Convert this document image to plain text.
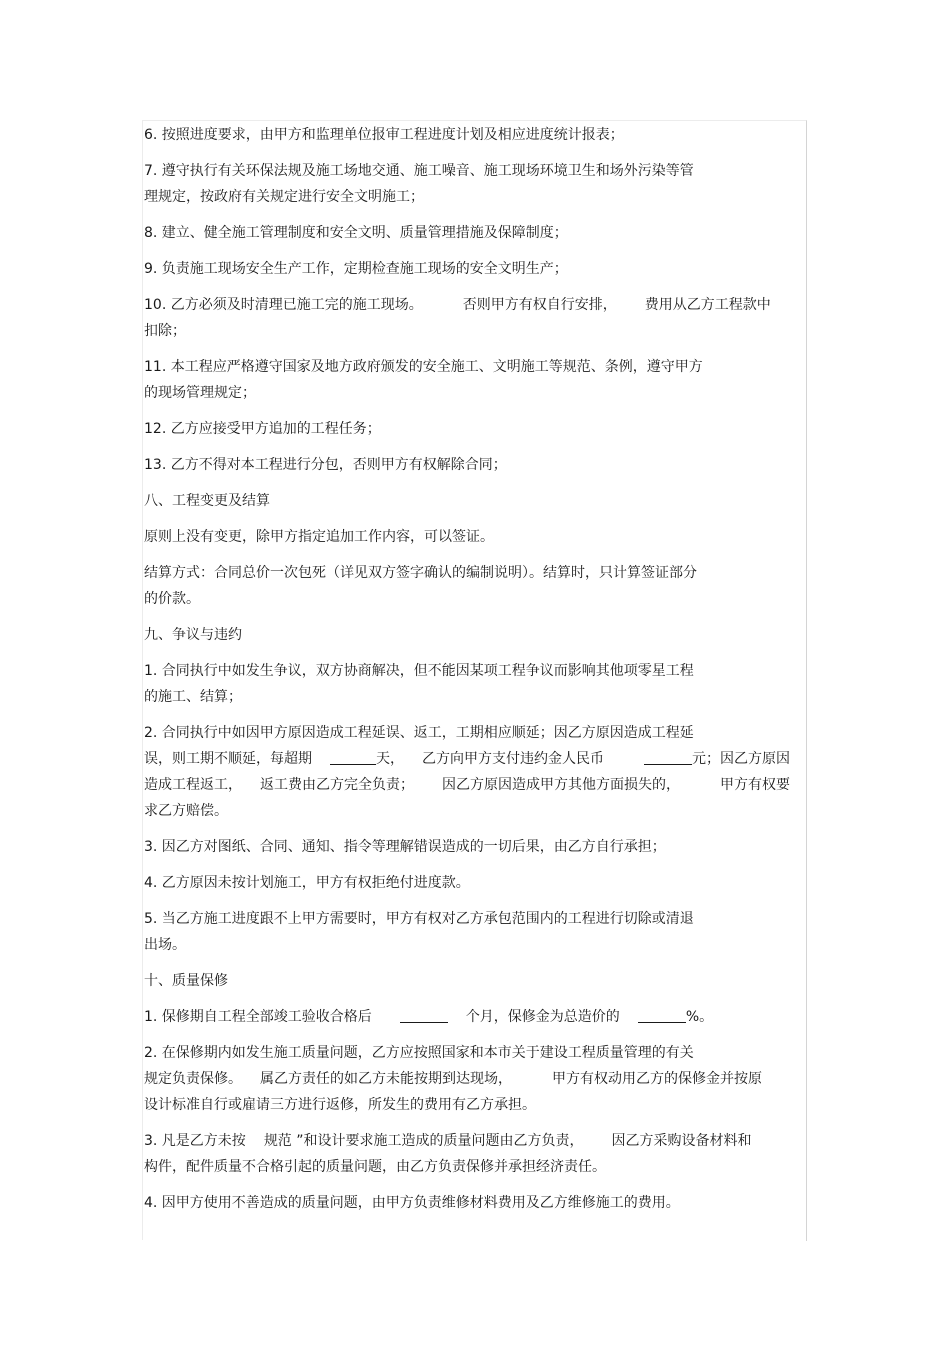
6. 按照进度要求，由甲方和监理单位报审工程进度计划及相应进度统计报表；

7. 遵守执行有关环保法规及施工场地交通、施工噪音、施工现场环境卫生和场外污染等管
理规定，按政府有关规定进行安全文明施工；

8. 建立、健全施工管理制度和安全文明、质量管理措施及保障制度；

9. 负责施工现场安全生产工作，定期检查施工现场的安全文明生产；

10. 乙方必须及时清理已施工完的施工现场。	否则甲方有权自行安排， 费用从乙方工程款中
扣除；

11. 本工程应严格遵守国家及地方政府颁发的安全施工、文明施工等规范、条例，遵守甲方
的现场管理规定；

12. 乙方应接受甲方追加的工程任务；

13. 乙方不得对本工程进行分包，否则甲方有权解除合同；

八、工程变更及结算

原则上没有变更，除甲方指定追加工作内容，可以签证。

结算方式：合同总价一次包死（详见双方签字确认的编制说明）。结算时，只计算签证部分
的价款。

九、争议与违约

1. 合同执行中如发生争议，双方协商解决，但不能因某项工程争议而影响其他项零星工程
的施工、结算；

2. 合同执行中如因甲方原因造成工程延误、返工，工期相应顺延；因乙方原因造成工程延
误，则工期不顺延，每超期	天， 乙方向甲方支付违约金人民币	元；因乙方原因
造成工程返工， 返工费由乙方完全负责； 因乙方原因造成甲方其他方面损失的，	甲方有权要
求乙方赔偿。

3. 因乙方对图纸、合同、通知、指令等理解错误造成的一切后果，由乙方自行承担；

4. 乙方原因未按计划施工，甲方有权拒绝付进度款。

5. 当乙方施工进度跟不上甲方需要时，甲方有权对乙方承包范围内的工程进行切除或清退
出场。

十、质量保修

1. 保修期自工程全部竣工验收合格后	个月，保修金为总造价的	%。

2. 在保修期内如发生施工质量问题，乙方应按照国家和本市关于建设工程质量管理的有关
规定负责保修。 属乙方责任的如乙方未能按期到达现场，	甲方有权动用乙方的保修金并按原
设计标准自行或雇请三方进行返修，所发生的费用有乙方承担。

3. 凡是乙方未按 规范 ”和设计要求施工造成的质量问题由乙方负责， 因乙方采购设备材料和
构件，配件质量不合格引起的质量问题，由乙方负责保修并承担经济责任。

4. 因甲方使用不善造成的质量问题，由甲方负责维修材料费用及乙方维修施工的费用。
